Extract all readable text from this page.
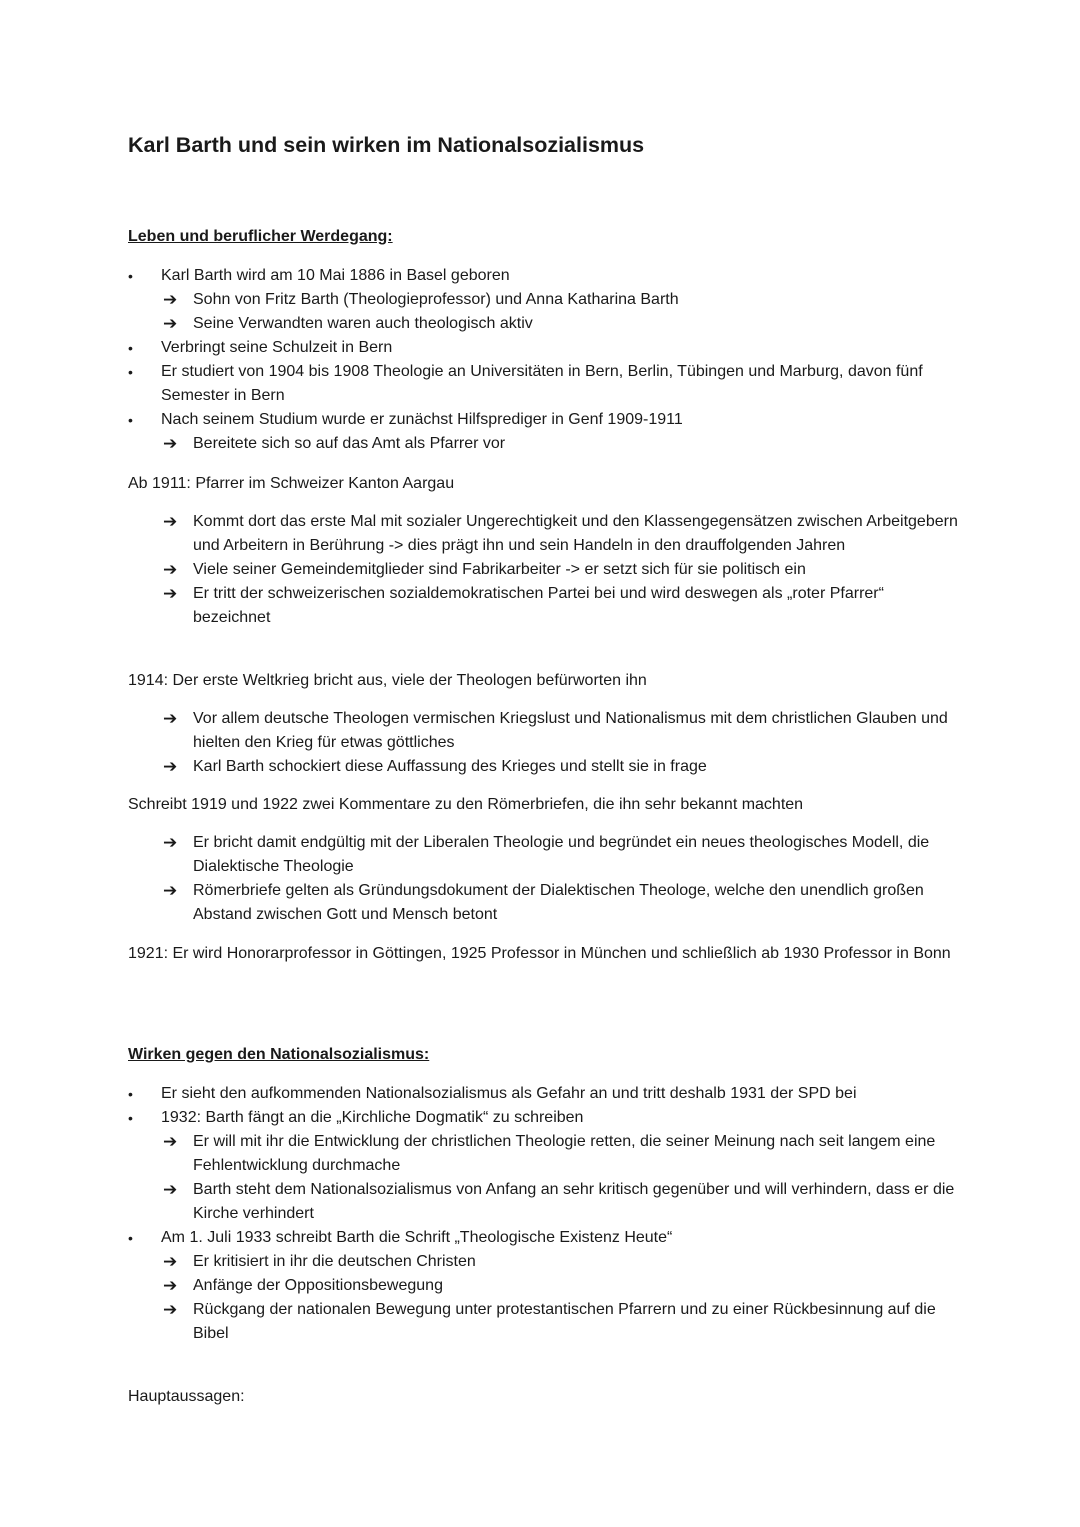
Karl Barth und sein wirken im Nationalsozialismus
Leben und beruflicher Werdegang:
•	Karl Barth wird am 10 Mai 1886 in Basel geboren
➔ Sohn von Fritz Barth (Theologieprofessor) und Anna Katharina Barth
➔ Seine Verwandten waren auch theologisch aktiv
•	Verbringt seine Schulzeit in Bern
•	Er studiert von 1904 bis 1908 Theologie an Universitäten in Bern, Berlin, Tübingen und Marburg, davon fünf Semester in Bern
•	Nach seinem Studium wurde er zunächst Hilfsprediger in Genf 1909-1911
➔ Bereitete sich so auf das Amt als Pfarrer vor
Ab 1911: Pfarrer im Schweizer Kanton Aargau
➔ Kommt dort das erste Mal mit sozialer Ungerechtigkeit und den Klassengegensätzen zwischen Arbeitgebern und Arbeitern in Berührung -> dies prägt ihn und sein Handeln in den drauffolgenden Jahren
➔ Viele seiner Gemeindemitglieder sind Fabrikarbeiter -> er setzt sich für sie politisch ein
➔ Er tritt der schweizerischen sozialdemokratischen Partei bei und wird deswegen als „roter Pfarrer“ bezeichnet
1914: Der erste Weltkrieg bricht aus, viele der Theologen befürworten ihn
➔ Vor allem deutsche Theologen vermischen Kriegslust und Nationalismus mit dem christlichen Glauben und hielten den Krieg für etwas göttliches
➔ Karl Barth schockiert diese Auffassung des Krieges und stellt sie in frage
Schreibt 1919 und 1922 zwei Kommentare zu den Römerbriefen, die ihn sehr bekannt machten
➔ Er bricht damit endgültig mit der Liberalen Theologie und begründet ein neues theologisches Modell, die Dialektische Theologie
➔ Römerbriefe gelten als Gründungsdokument der Dialektischen Theologe, welche den unendlich großen Abstand zwischen Gott und Mensch betont
1921: Er wird Honorarprofessor in Göttingen, 1925 Professor in München und schließlich ab 1930 Professor in Bonn
Wirken gegen den Nationalsozialismus:
•	Er sieht den aufkommenden Nationalsozialismus als Gefahr an und tritt deshalb 1931 der SPD bei
•	1932: Barth fängt an die „Kirchliche Dogmatik“ zu schreiben
➔ Er will mit ihr die Entwicklung der christlichen Theologie retten, die seiner Meinung nach seit langem eine Fehlentwicklung durchmache
➔ Barth steht dem Nationalsozialismus von Anfang an sehr kritisch gegenüber und will verhindern, dass er die Kirche verhindert
•	Am 1. Juli 1933 schreibt Barth die Schrift „Theologische Existenz Heute“
➔ Er kritisiert in ihr die deutschen Christen
➔ Anfänge der Oppositionsbewegung
➔ Rückgang der nationalen Bewegung unter protestantischen Pfarrern und zu einer Rückbesinnung auf die Bibel
Hauptaussagen:
